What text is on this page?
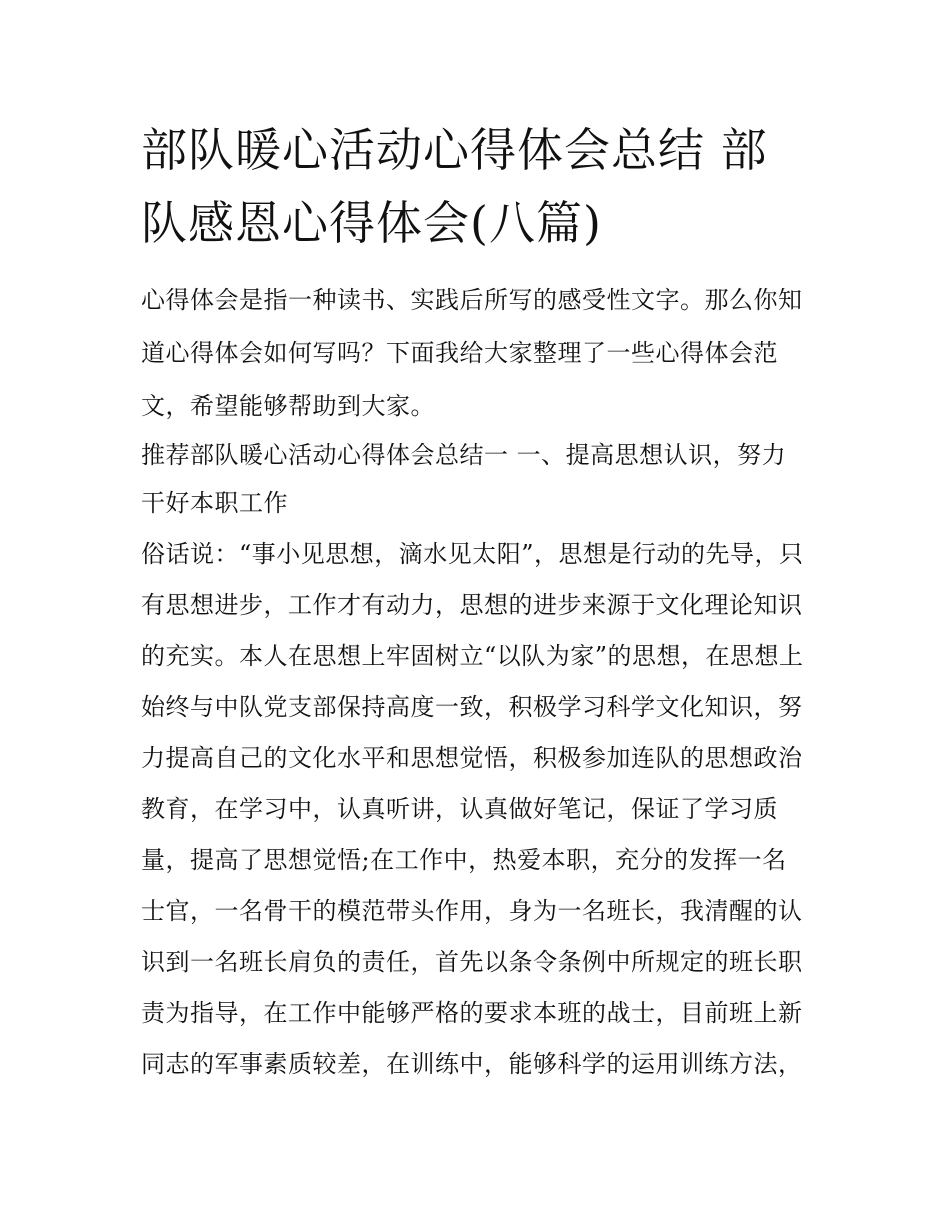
部队暖心活动心得体会总结 部
队感恩心得体会(八篇)

心得体会是指一种读书、实践后所写的感受性文字。那么你知

道心得体会如何写吗？下面我给大家整理了一些心得体会范

文，希望能够帮助到大家。

推荐部队暖心活动心得体会总结一 一、提高思想认识，努力

干好本职工作

俗话说：“事小见思想，滴水见太阳”，思想是行动的先导，只

有思想进步，工作才有动力，思想的进步来源于文化理论知识

的充实。本人在思想上牢固树立“以队为家”的思想，在思想上

始终与中队党支部保持高度一致，积极学习科学文化知识，努

力提高自己的文化水平和思想觉悟，积极参加连队的思想政治

教育，在学习中，认真听讲，认真做好笔记，保证了学习质

量，提高了思想觉悟;在工作中，热爱本职，充分的发挥一名

士官，一名骨干的模范带头作用，身为一名班长，我清醒的认

识到一名班长肩负的责任，首先以条令条例中所规定的班长职

责为指导，在工作中能够严格的要求本班的战士，目前班上新

同志的军事素质较差，在训练中，能够科学的运用训练方法，
